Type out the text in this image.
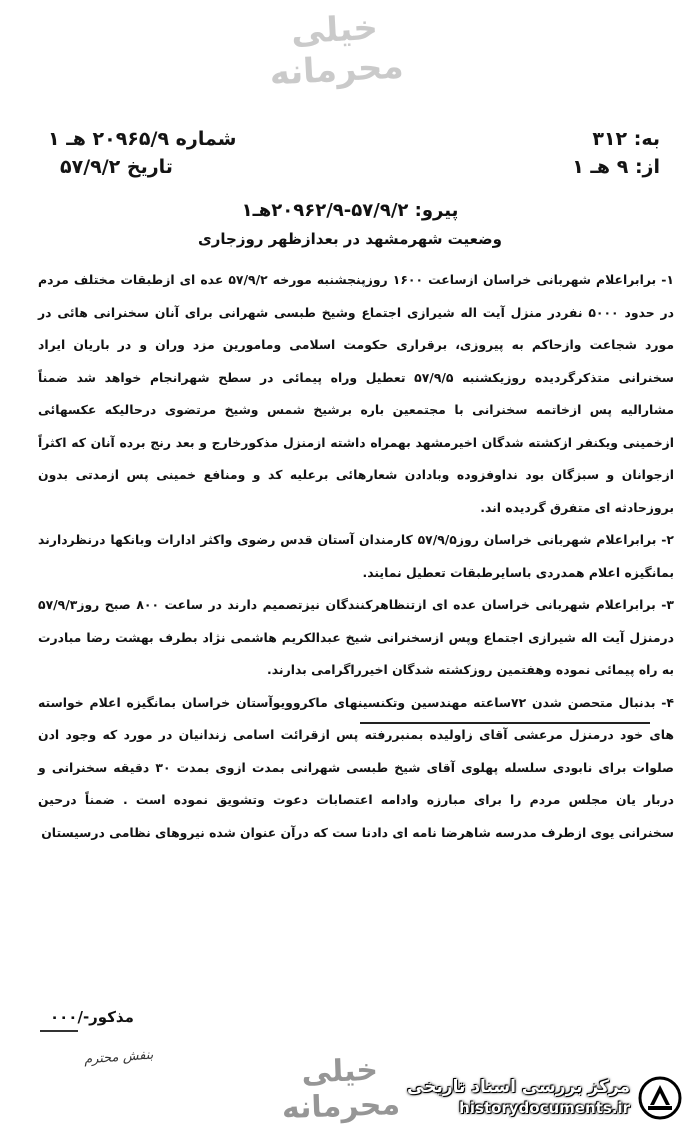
خیلی محرمانه
به: ۳۱۲
از: ۹ هـ ۱
شماره ۲۰۹۶۵/۹ هـ ۱
تاریخ ۵۷/۹/۲
پیرو: ۵۷/۹/۲-۲۰۹۶۲/۹هـ۱
وضعیت شهرمشهد در بعدازظهر روزجاری

۱- برابراعلام شهربانی خراسان ازساعت ۱۶۰۰ روزپنجشنبه مورخه ۵۷/۹/۲ عده ای ازطبقات مختلف مردم در حدود ۵۰۰۰ نفردر منزل آیت اله شیرازی اجتماع وشیخ طبسی شهرانی برای آنان سخنرانی هائی در مورد شجاعت وازحاکم به پیروزی، برقراری حکومت اسلامی ومامورین مزد وران و در باریان ایراد سخنرانی متذکرگردیده روزیکشنبه ۵۷/۹/۵ تعطیل وراه پیمائی در سطح شهرانجام خواهد شد ضمناً مشارالیه پس ازخاتمه سخنرانی با مجتمعین باره برشیخ شمس وشیخ مرتضوی درحالیکه عکسهائی ازخمینی ویکنفر ازکشته شدگان اخیرمشهد بهمراه داشته ازمنزل مذکورخارج و بعد رنج برده آنان که اکثراً ازجوانان و سبزگان بود نداوفزوده وبادادن شعارهائی برعلیه کد و ومنافع خمینی پس ازمدتی بدون بروزحادثه ای متفرق گردیده اند.

۲- برابراعلام شهربانی خراسان روز۵۷/۹/۵ کارمندان آستان قدس رضوی واکثر ادارات وبانکها درنظردارند بمانگیزه اعلام همدردی باسایرطبقات تعطیل نمایند.

۳- برابراعلام شهربانی خراسان عده ای ازتنظاهرکنندگان نیزتصمیم دارند در ساعت ۸۰۰ صبح روز۵۷/۹/۳ درمنزل آیت اله شیرازی اجتماع وپس ازسخنرانی شیخ عبدالکریم هاشمی نژاد بطرف بهشت رضا مبادرت به راه پیمائی نموده وهفتمین روزکشته شدگان اخیرراگرامی بدارند.

۴- بدنبال متحصن شدن ۷۲ساعته مهندسین وتکنسینهای ماکروویوآستان خراسان بمانگیزه اعلام خواسته های خود درمنزل مرعشی آقای زاولیده بمنبررفته پس ازقرائت اسامی زندانیان در مورد که وجود ادن صلوات برای نابودی سلسله پهلوی آقای شیخ طبسی شهرانی بمدت ازوی بمدت ۳۰ دقیقه سخنرانی و دربار یان مجلس مردم را برای مبارزه وادامه اعتصابات دعوت وتشویق نموده است . ضمناً درحین سخنرانی یوی ازطرف مدرسه شاهرضا نامه ای دادنا ست که درآن عنوان شده نیروهای نظامی درسیستان

مذکور-/۰۰۰
بنفش محترم	خیلی محرمانه مرکز بررسی اسناد تاریخی
historydocuments.ir
